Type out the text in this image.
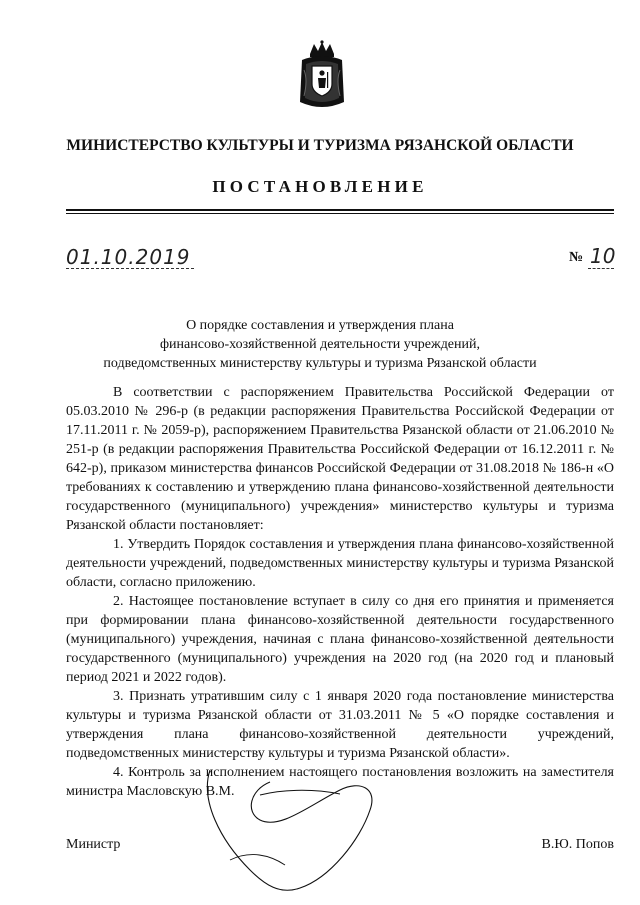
МИНИСТЕРСТВО КУЛЬТУРЫ И ТУРИЗМА РЯЗАНСКОЙ ОБЛАСТИ
ПОСТАНОВЛЕНИЕ
01.10.2019	№ 10
О порядке составления и утверждения плана
финансово-хозяйственной деятельности учреждений,
подведомственных министерству культуры и туризма Рязанской области

В соответствии с распоряжением Правительства Российской Федерации от 05.03.2010 № 296-р (в редакции распоряжения Правительства Российской Федерации от 17.11.2011 г. № 2059-р), распоряжением Правительства Рязанской области от 21.06.2010 № 251-р (в редакции распоряжения Правительства Российской Федерации от 16.12.2011 г. № 642-р), приказом министерства финансов Российской Федерации от 31.08.2018 № 186-н «О требованиях к составлению и утверждению плана финансово-хозяйственной деятельности государственного (муниципального) учреждения» министерство культуры и туризма Рязанской области постановляет:

1. Утвердить Порядок составления и утверждения плана финансово-хозяйственной деятельности учреждений, подведомственных министерству культуры и туризма Рязанской области, согласно приложению.

2. Настоящее постановление вступает в силу со дня его принятия и применяется при формировании плана финансово-хозяйственной деятельности государственного (муниципального) учреждения, начиная с плана финансово-хозяйственной деятельности государственного (муниципального) учреждения на 2020 год (на 2020 год и плановый период 2021 и 2022 годов).

3. Признать утратившим силу с 1 января 2020 года постановление министерства культуры и туризма Рязанской области от 31.03.2011 № 5 «О порядке составления и утверждения плана финансово-хозяйственной деятельности учреждений, подведомственных министерству культуры и туризма Рязанской области».

4. Контроль за исполнением настоящего постановления возложить на заместителя министра Масловскую В.М.

Министр	В.Ю. Попов
